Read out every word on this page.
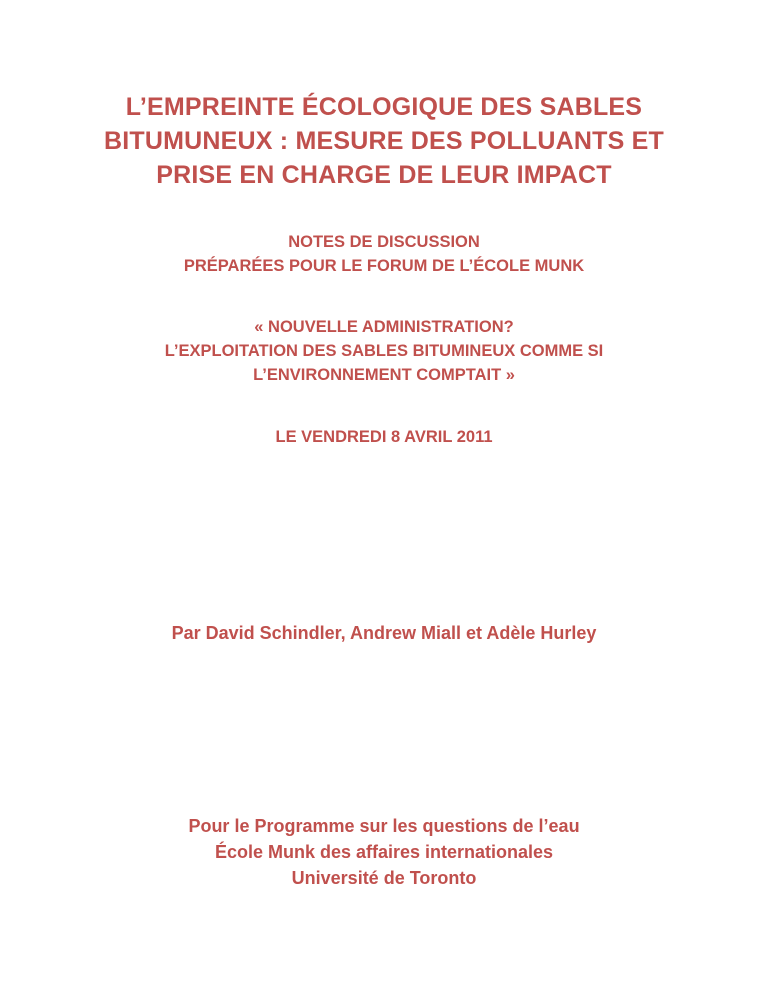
L’EMPREINTE ÉCOLOGIQUE DES SABLES
BITUMUNEUX : MESURE DES POLLUANTS ET
PRISE EN CHARGE DE LEUR IMPACT
NOTES DE DISCUSSION
PRÉPARÉES POUR LE FORUM DE L’ÉCOLE MUNK
« NOUVELLE ADMINISTRATION?
L’EXPLOITATION DES SABLES BITUMINEUX COMME SI
L’ENVIRONNEMENT COMPTAIT »
LE VENDREDI 8 AVRIL 2011
Par David Schindler, Andrew Miall et Adèle Hurley
Pour le Programme sur les questions de l’eau
École Munk des affaires internationales
Université de Toronto
